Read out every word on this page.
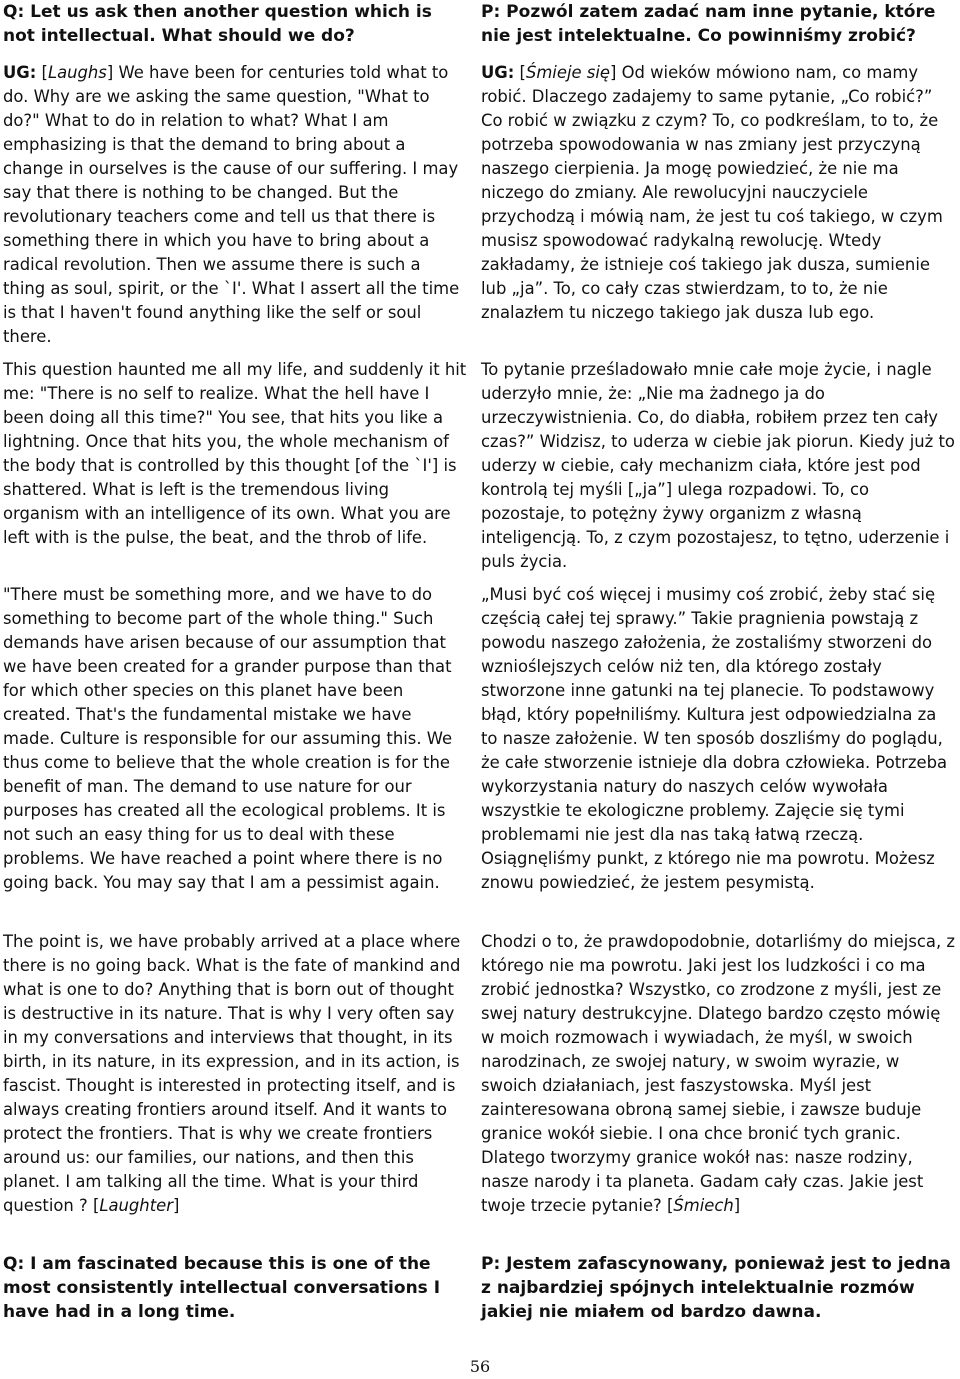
Q: Let us ask then another question which is not intellectual. What should we do?

UG: [Laughs] We have been for centuries told what to do. Why are we asking the same question, "What to do?" What to do in relation to what? What I am emphasizing is that the demand to bring about a change in ourselves is the cause of our suffering. I may say that there is nothing to be changed. But the revolutionary teachers come and tell us that there is something there in which you have to bring about a radical revolution. Then we assume there is such a thing as soul, spirit, or the `I'. What I assert all the time is that I haven't found anything like the self or soul there.

This question haunted me all my life, and suddenly it hit me: "There is no self to realize. What the hell have I been doing all this time?" You see, that hits you like a lightning. Once that hits you, the whole mechanism of the body that is controlled by this thought [of the `I'] is shattered. What is left is the tremendous living organism with an intelligence of its own. What you are left with is the pulse, the beat, and the throb of life.

"There must be something more, and we have to do something to become part of the whole thing." Such demands have arisen because of our assumption that we have been created for a grander purpose than that for which other species on this planet have been created. That's the fundamental mistake we have made. Culture is responsible for our assuming this. We thus come to believe that the whole creation is for the benefit of man. The demand to use nature for our purposes has created all the ecological problems. It is not such an easy thing for us to deal with these problems. We have reached a point where there is no going back. You may say that I am a pessimist again.

The point is, we have probably arrived at a place where there is no going back. What is the fate of mankind and what is one to do? Anything that is born out of thought is destructive in its nature. That is why I very often say in my conversations and interviews that thought, in its birth, in its nature, in its expression, and in its action, is fascist. Thought is interested in protecting itself, and is always creating frontiers around itself. And it wants to protect the frontiers. That is why we create frontiers around us: our families, our nations, and then this planet. I am talking all the time. What is your third question ? [Laughter]

Q: I am fascinated because this is one of the most consistently intellectual conversations I have had in a long time.

P: Pozwól zatem zadać nam inne pytanie, które nie jest intelektualne. Co powinniśmy zrobić?

UG: [Śmieje się] Od wieków mówiono nam, co mamy robić. Dlaczego zadajemy to same pytanie, „Co robić?” Co robić w związku z czym? To, co podkreślam, to to, że potrzeba spowodowania w nas zmiany jest przyczyną naszego cierpienia. Ja mogę powiedzieć, że nie ma niczego do zmiany. Ale rewolucyjni nauczyciele przychodzą i mówią nam, że jest tu coś takiego, w czym musisz spowodować radykalną rewolucję. Wtedy zakładamy, że istnieje coś takiego jak dusza, sumienie lub „ja”. To, co cały czas stwierdzam, to to, że nie znalazłem tu niczego takiego jak dusza lub ego.

To pytanie prześladowało mnie całe moje życie, i nagle uderzyło mnie, że: „Nie ma żadnego ja do urzeczywistnienia. Co, do diabła, robiłem przez ten cały czas?” Widzisz, to uderza w ciebie jak piorun. Kiedy już to uderzy w ciebie, cały mechanizm ciała, które jest pod kontrolą tej myśli [„ja”] ulega rozpadowi. To, co pozostaje, to potężny żywy organizm z własną inteligencją. To, z czym pozostajesz, to tętno, uderzenie i puls życia.

„Musi być coś więcej i musimy coś zrobić, żeby stać się częścią całej tej sprawy.” Takie pragnienia powstają z powodu naszego założenia, że zostaliśmy stworzeni do wznioślejszych celów niż ten, dla którego zostały stworzone inne gatunki na tej planecie. To podstawowy błąd, który popełniliśmy. Kultura jest odpowiedzialna za to nasze założenie. W ten sposób doszliśmy do poglądu, że całe stworzenie istnieje dla dobra człowieka. Potrzeba wykorzystania natury do naszych celów wywołała wszystkie te ekologiczne problemy. Zajęcie się tymi problemami nie jest dla nas taką łatwą rzeczą. Osiągnęliśmy punkt, z którego nie ma powrotu. Możesz znowu powiedzieć, że jestem pesymistą.

Chodzi o to, że prawdopodobnie, dotarliśmy do miejsca, z którego nie ma powrotu. Jaki jest los ludzkości i co ma zrobić jednostka? Wszystko, co zrodzone z myśli, jest ze swej natury destrukcyjne. Dlatego bardzo często mówię w moich rozmowach i wywiadach, że myśl, w swoich narodzinach, ze swojej natury, w swoim wyrazie, w swoich działaniach, jest faszystowska. Myśl jest zainteresowana obroną samej siebie, i zawsze buduje granice wokół siebie. I ona chce bronić tych granic. Dlatego tworzymy granice wokół nas: nasze rodziny, nasze narody i ta planeta. Gadam cały czas. Jakie jest twoje trzecie pytanie? [Śmiech]

P: Jestem zafascynowany, ponieważ jest to jedna z najbardziej spójnych intelektualnie rozmów jakiej nie miałem od bardzo dawna.

56
